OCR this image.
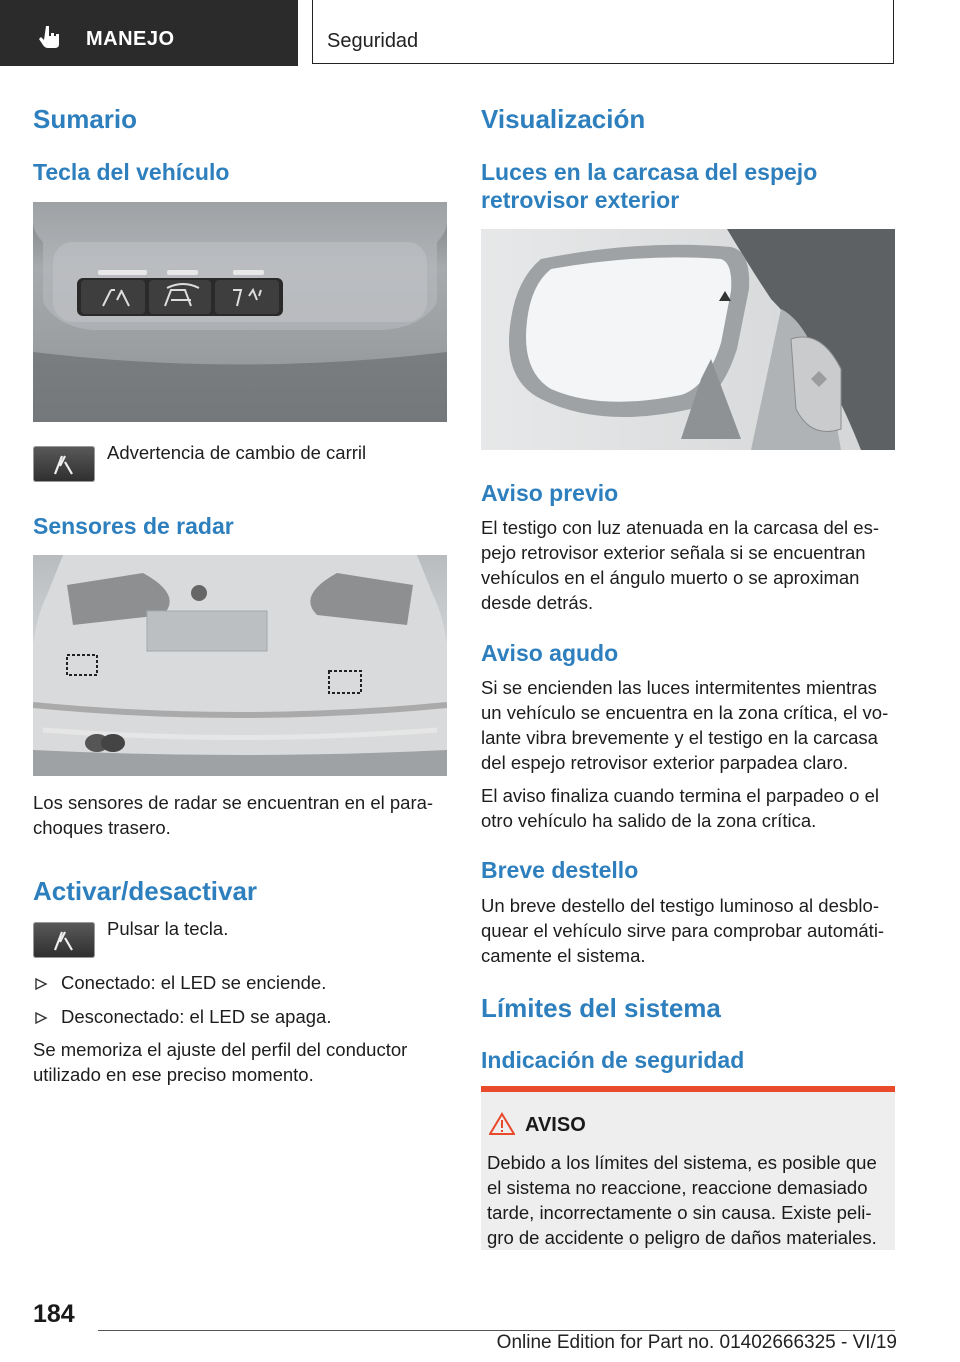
MANEJO	Seguridad
Sumario
Tecla del vehículo

Advertencia de cambio de carril

Sensores de radar

Los sensores de radar se encuentran en el para-

choques trasero.

Activar/desactivar

Pulsar la tecla.

Conectado: el LED se enciende.
Desconectado: el LED se apaga.

Se memoriza el ajuste del perfil del conductor

utilizado en ese preciso momento.

Visualización
Luces en la carcasa del espejo
retrovisor exterior
Aviso previo

El testigo con luz atenuada en la carcasa del es-

pejo retrovisor exterior señala si se encuentran

vehículos en el ángulo muerto o se aproximan

desde detrás.

Aviso agudo

Si se encienden las luces intermitentes mientras

un vehículo se encuentra en la zona crítica, el vo-

lante vibra brevemente y el testigo en la carcasa

del espejo retrovisor exterior parpadea claro.

El aviso finaliza cuando termina el parpadeo o el

otro vehículo ha salido de la zona crítica.

Breve destello

Un breve destello del testigo luminoso al desblo-

quear el vehículo sirve para comprobar automáti-

camente el sistema.

Límites del sistema
Indicación de seguridad
AVISO
Debido a los límites del sistema, es posible que
el sistema no reaccione, reaccione demasiado
tarde, incorrectamente o sin causa. Existe peli-
gro de accidente o peligro de daños materiales.
184
Online Edition for Part no. 01402666325 - VI/19
